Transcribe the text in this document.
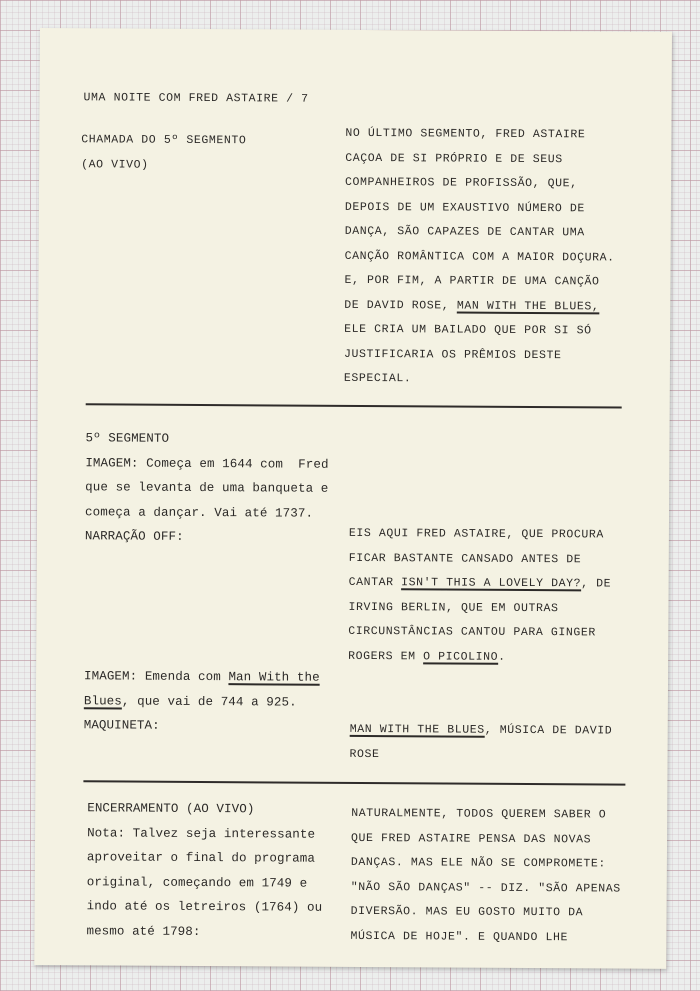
UMA NOITE COM FRED ASTAIRE / 7
CHAMADA DO 5º SEGMENTO
(AO VIVO)
NO ÚLTIMO SEGMENTO, FRED ASTAIRE
CAÇOA DE SI PRÓPRIO E DE SEUS
COMPANHEIROS DE PROFISSÃO, QUE,
DEPOIS DE UM EXAUSTIVO NÚMERO DE
DANÇA, SÃO CAPAZES DE CANTAR UMA
CANÇÃO ROMÂNTICA COM A MAIOR DOÇURA.
E, POR FIM, A PARTIR DE UMA CANÇÃO
DE DAVID ROSE, MAN WITH THE BLUES,
ELE CRIA UM BAILADO QUE POR SI SÓ
JUSTIFICARIA OS PRÊMIOS DESTE
ESPECIAL.
5º SEGMENTO
IMAGEM: Começa em 1644 com  Fred
que se levanta de uma banqueta e
começa a dançar. Vai até 1737.
NARRAÇÃO OFF:	EIS AQUI FRED ASTAIRE, QUE PROCURA
FICAR BASTANTE CANSADO ANTES DE
CANTAR ISN'T THIS A LOVELY DAY?, DE
IRVING BERLIN, QUE EM OUTRAS
CIRCUNSTÂNCIAS CANTOU PARA GINGER
ROGERS EM O PICOLINO.
IMAGEM: Emenda com Man With the
Blues, que vai de 744 a 925.
MAQUINETA:	MAN WITH THE BLUES, MÚSICA DE DAVID
ROSE
ENCERRAMENTO (AO VIVO)
Nota: Talvez seja interessante
aproveitar o final do programa
original, começando em 1749 e
indo até os letreiros (1764) ou
mesmo até 1798:
NATURALMENTE, TODOS QUEREM SABER O
QUE FRED ASTAIRE PENSA DAS NOVAS
DANÇAS. MAS ELE NÃO SE COMPROMETE:
"NÃO SÃO DANÇAS" -- DIZ. "SÃO APENAS
DIVERSÃO. MAS EU GOSTO MUITO DA
MÚSICA DE HOJE". E QUANDO LHE
